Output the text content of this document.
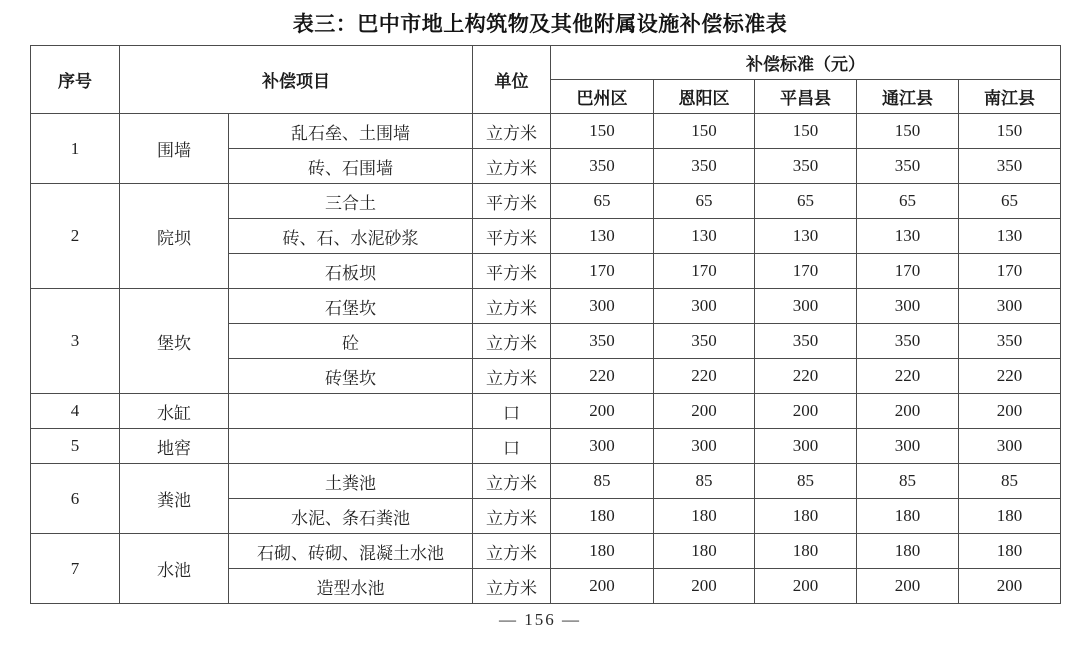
表三：巴中市地上构筑物及其他附属设施补偿标准表
序号	补偿项目		单位	补偿标准（元）				
				巴州区	恩阳区	平昌县	通江县	南江县
1	围墙	乱石垒、土围墙	立方米	150	150	150	150	150
		砖、石围墙	立方米	350	350	350	350	350
2	院坝	三合土	平方米	65	65	65	65	65
		砖、石、水泥砂浆	平方米	130	130	130	130	130
		石板坝	平方米	170	170	170	170	170
3	堡坎	石堡坎	立方米	300	300	300	300	300
		砼	立方米	350	350	350	350	350
		砖堡坎	立方米	220	220	220	220	220
4	水缸		口	200	200	200	200	200
5	地窖		口	300	300	300	300	300
6	粪池	土粪池	立方米	85	85	85	85	85
		水泥、条石粪池	立方米	180	180	180	180	180
7	水池	石砌、砖砌、混凝土水池	立方米	180	180	180	180	180
		造型水池	立方米	200	200	200	200	200
— 156 —
